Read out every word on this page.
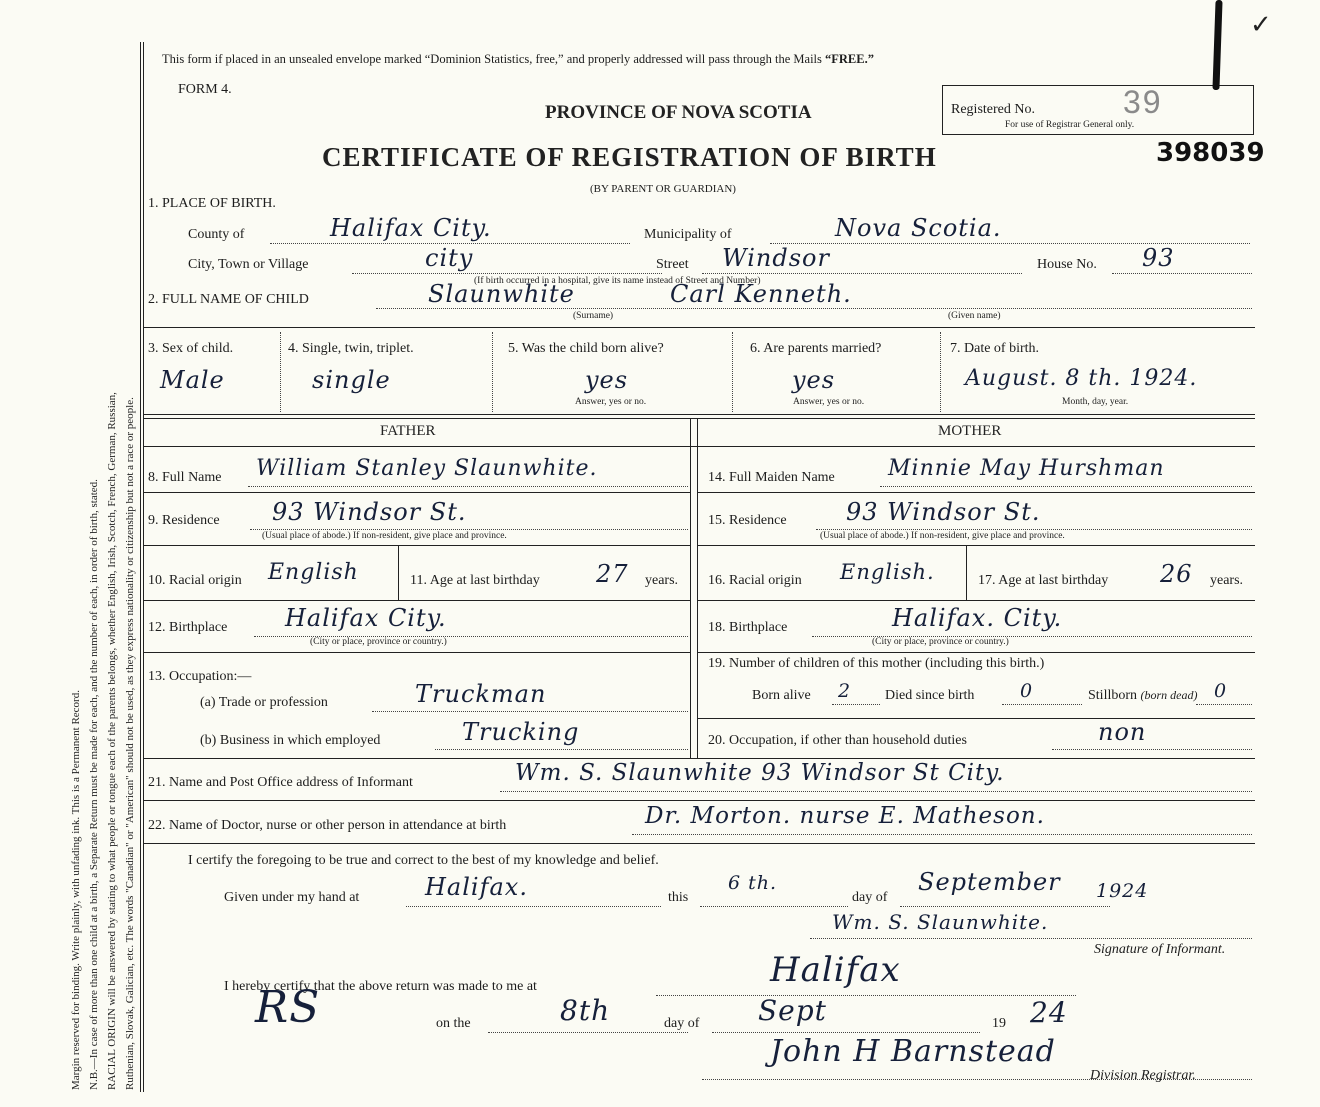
Margin reserved for binding. Write plainly, with unfading ink. This is a Permanent Record. N.B.—In case of more than one child at a birth, a Separate Return must be made for each, and the number of each, in order of birth, stated. RACIAL ORIGIN will be answered by stating to what people or tongue each of the parents belongs, whether English, Irish, Scotch, French, German, Russian, Ruthenian, Slovak, Galician, etc. The words "Canadian" or "American" should not be used, as they express nationality or citizenship but not a race or people.
This form if placed in an unsealed envelope marked “Dominion Statistics, free,” and properly addressed will pass through the Mails “FREE.”
FORM 4.
PROVINCE OF NOVA SCOTIA	Registered No.	39
For use of Registrar General only.
✓
CERTIFICATE OF REGISTRATION OF BIRTH	398039
(BY PARENT OR GUARDIAN)
1. PLACE OF BIRTH.
County of	Halifax City.	Municipality of	Nova Scotia.
City, Town or Village	city	Street Windsor	House No. 93
(If birth occurred in a hospital, give its name instead of Street and Number)
2. FULL NAME OF CHILD	Slaunwhite	Carl Kenneth.
(Surname)	(Given name)
3. Sex of child.
Male
4. Single, twin, triplet.
single
5. Was the child born alive?
yes
Answer, yes or no.
6. Are parents married?
yes
Answer, yes or no.
7. Date of birth.
August. 8 th. 1924.
Month, day, year.
FATHER	MOTHER
8. Full Name William Stanley Slaunwhite.
9. Residence 93 Windsor St.
(Usual place of abode.) If non-resident, give place and province.
10. Racial origin English	11. Age at last birthday 27 years.
12. Birthplace Halifax City.
(City or place, province or country.)
13. Occupation:—
(a) Trade or profession	Truckman
(b) Business in which employed	Trucking
14. Full Maiden Name Minnie May Hurshman
15. Residence 93 Windsor St.
(Usual place of abode.) If non-resident, give place and province.
16. Racial origin English.	17. Age at last birthday 26 years.
18. Birthplace	Halifax. City.
(City or place, province or country.)
19. Number of children of this mother (including this birth.)
Born alive 2 Died since birth 0	Stillborn (born dead) 0
20. Occupation, if other than household duties	non
21. Name and Post Office address of Informant	Wm. S. Slaunwhite 93 Windsor St City.
22. Name of Doctor, nurse or other person in attendance at birth	Dr. Morton. nurse E. Matheson.
I certify the foregoing to be true and correct to the best of my knowledge and belief.
Given under my hand at	Halifax.	this
6 th.
day of
September 1924
Wm. S. Slaunwhite.
Signature of Informant.
I hereby certify that the above return was made to me at	Halifax
RS	on the	8th	day of Sept	19 24
John H Barnstead
Division Registrar.
